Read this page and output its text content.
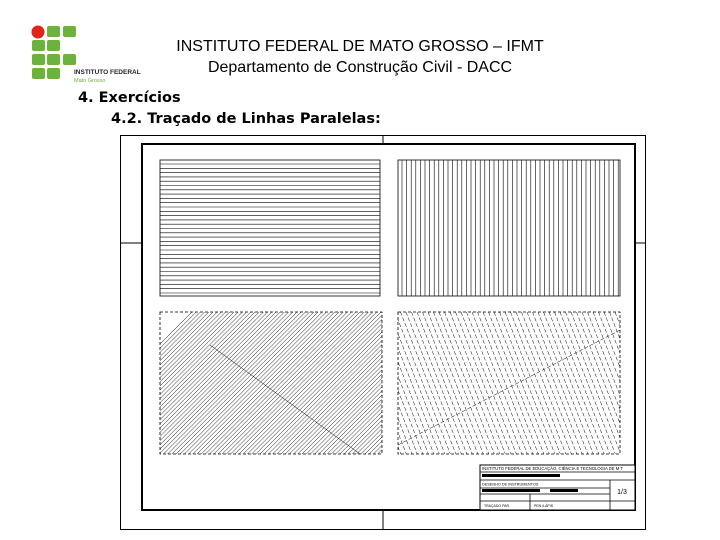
INSTITUTO FEDERAL
Mato Grosso
INSTITUTO FEDERAL DE MATO GROSSO – IFMT
Departamento de Construção Civil - DACC
4. Exercícios
4.2. Traçado de Linhas Paralelas:
INSTITUTO FEDERAL DE EDUCAÇÃO, CIÊNCIA E TECNOLOGIA DE M T
DESENHO DE INSTRUMENTOS
1/3
TRAÇADO PAR.	PEN./LÁPIS
